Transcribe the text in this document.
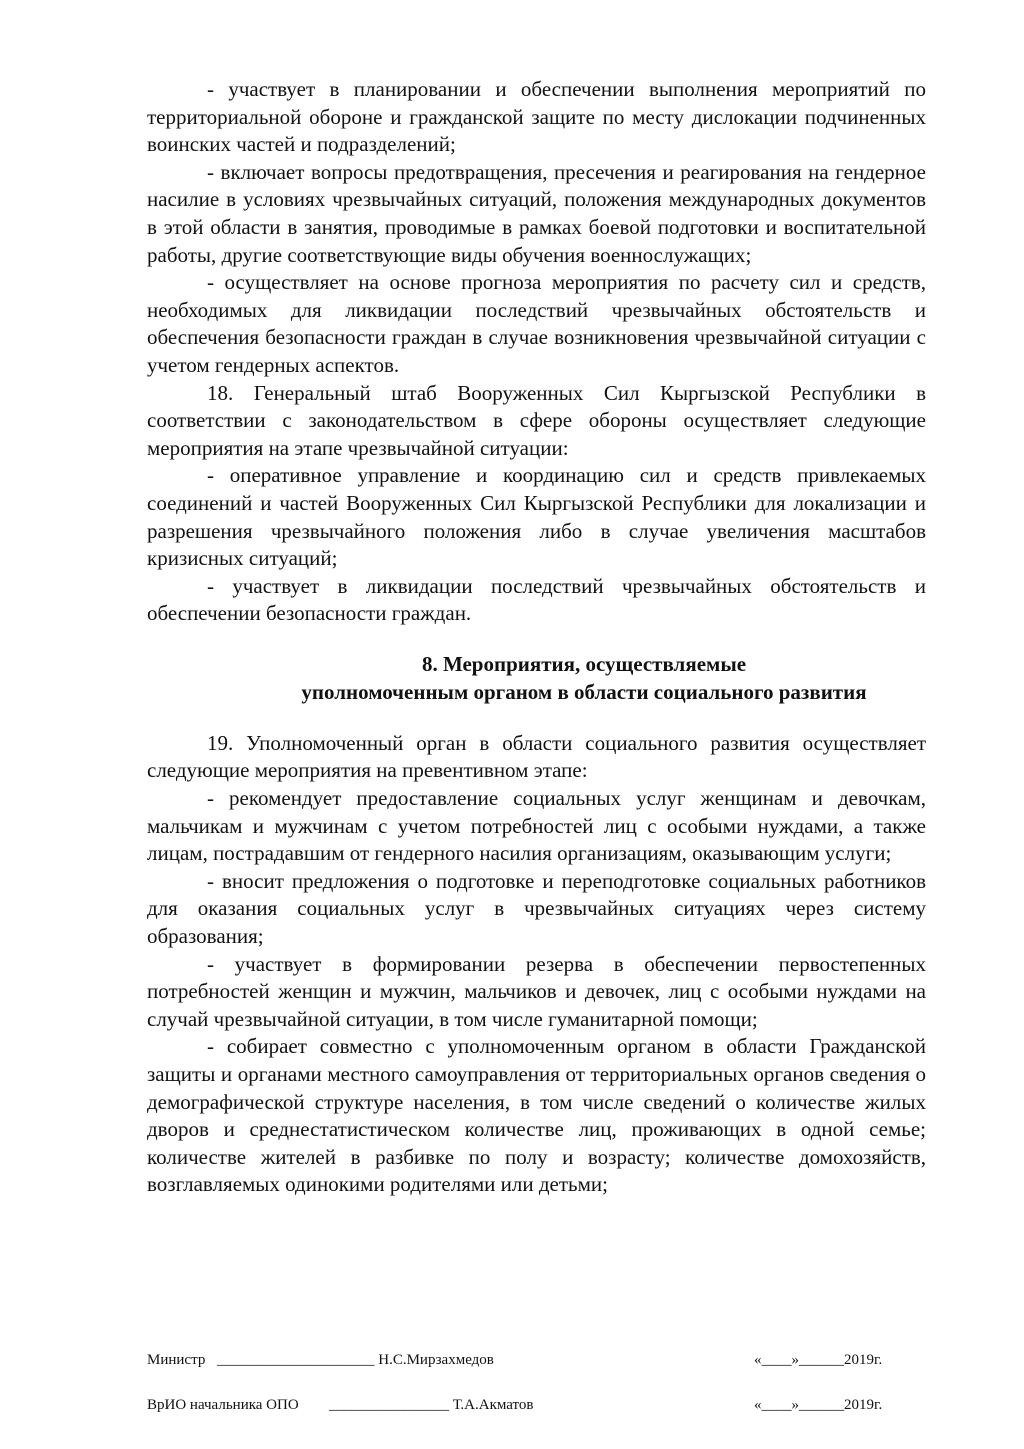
- участвует в планировании и обеспечении выполнения мероприятий по территориальной обороне и гражданской защите по месту дислокации подчиненных воинских частей и подразделений;

- включает вопросы предотвращения, пресечения и реагирования на гендерное насилие в условиях чрезвычайных ситуаций, положения международных документов в этой области в занятия, проводимые в рамках боевой подготовки и воспитательной работы, другие соответствующие виды обучения военнослужащих;

- осуществляет на основе прогноза мероприятия по расчету сил и средств, необходимых для ликвидации последствий чрезвычайных обстоятельств и обеспечения безопасности граждан в случае возникновения чрезвычайной ситуации с учетом гендерных аспектов.

18. Генеральный штаб Вооруженных Сил Кыргызской Республики в соответствии с законодательством в сфере обороны осуществляет следующие мероприятия на этапе чрезвычайной ситуации:

- оперативное управление и координацию сил и средств привлекаемых соединений и частей Вооруженных Сил Кыргызской Республики для локализации и разрешения чрезвычайного положения либо в случае увеличения масштабов кризисных ситуаций;

- участвует в ликвидации последствий чрезвычайных обстоятельств и обеспечении безопасности граждан.

8. Мероприятия, осуществляемые
уполномоченным органом в области социального развития

19. Уполномоченный орган в области социального развития осуществляет следующие мероприятия на превентивном этапе:

- рекомендует предоставление социальных услуг женщинам и девочкам, мальчикам и мужчинам с учетом потребностей лиц с особыми нуждами, а также лицам, пострадавшим от гендерного насилия организациям, оказывающим услуги;

- вносит предложения о подготовке и переподготовке социальных работников для оказания социальных услуг в чрезвычайных ситуациях через систему образования;

- участвует в формировании резерва в обеспечении первостепенных потребностей женщин и мужчин, мальчиков и девочек, лиц с особыми нуждами на случай чрезвычайной ситуации, в том числе гуманитарной помощи;

- собирает совместно с уполномоченным органом в области Гражданской защиты и органами местного самоуправления от территориальных органов сведения о демографической структуре населения, в том числе сведений о количестве жилых дворов и среднестатистическом количестве лиц, проживающих в одной семье; количестве жителей в разбивке по полу и возрасту; количестве домохозяйств, возглавляемых одинокими родителями или детьми;

Министр _____________________ Н.С.Мирзахмедов	«____»______2019г.
ВрИО начальника ОПО ________________ Т.А.Акматов	«____»______2019г.
